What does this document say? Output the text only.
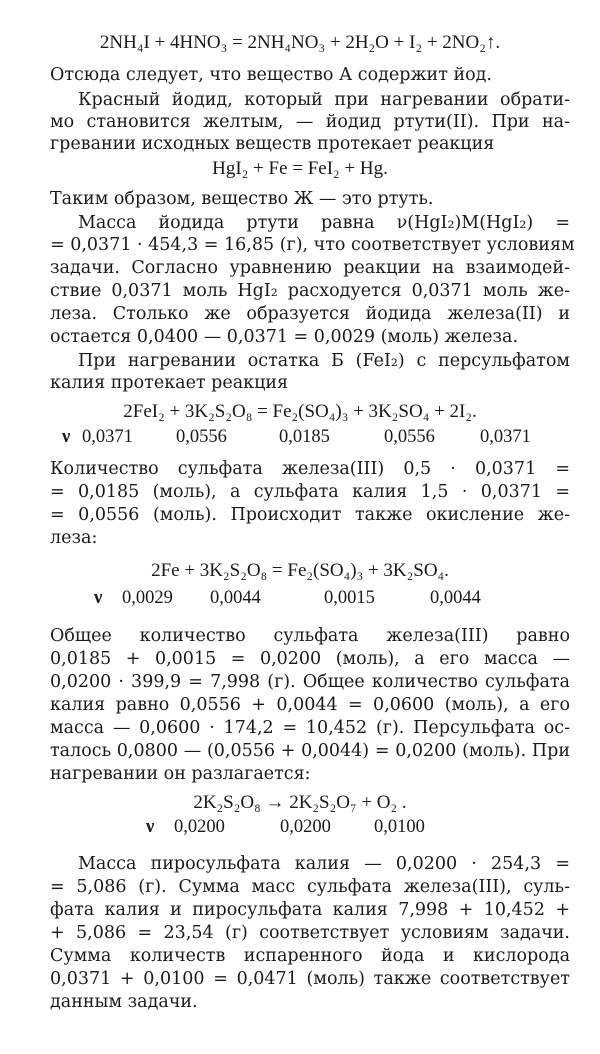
2NH₄I + 4HNO₃ = 2NH₄NO₃ + 2H₂O + I₂ + 2NO₂↑.
Отсюда следует, что вещество А содержит йод.
Красный йодид, который при нагревании обрати-
мо становится желтым, — йодид ртути(II). При на-
гревании исходных веществ протекает реакция
HgI₂ + Fe = FeI₂ + Hg.
Таким образом, вещество Ж — это ртуть.
Масса йодида ртути равна ν(HgI₂)M(HgI₂) =
= 0,0371 · 454,3 = 16,85 (г), что соответствует условиям
задачи. Согласно уравнению реакции на взаимодей-
ствие 0,0371 моль HgI₂ расходуется 0,0371 моль же-
леза. Столько же образуется йодида железа(II) и
остается 0,0400 — 0,0371 = 0,0029 (моль) железа.
При нагревании остатка Б (FeI₂) с персульфатом
калия протекает реакция
2FeI₂ + 3K₂S₂O₈ = Fe₂(SO₄)₃ + 3K₂SO₄ + 2I₂.
ν 0,0371 0,0556	0,0185	0,0556 0,0371
Количество сульфата железа(III) 0,5 · 0,0371 =
= 0,0185 (моль), а сульфата калия 1,5 · 0,0371 =
= 0,0556 (моль). Происходит также окисление же-
леза:
2Fe + 3K₂S₂O₈ = Fe₂(SO₄)₃ + 3K₂SO₄.
ν 0,0029 0,0044	0,0015	0,0044
Общее количество сульфата железа(III) равно
0,0185 + 0,0015 = 0,0200 (моль), а его масса —
0,0200 · 399,9 = 7,998 (г). Общее количество сульфата
калия равно 0,0556 + 0,0044 = 0,0600 (моль), а его
масса — 0,0600 · 174,2 = 10,452 (г). Персульфата ос-
талось 0,0800 — (0,0556 + 0,0044) = 0,0200 (моль). При
нагревании он разлагается:
2K₂S₂O₈ → 2K₂S₂O₇ + O₂ .
ν 0,0200	0,0200 0,0100
Масса пиросульфата калия — 0,0200 · 254,3 =
= 5,086 (г). Сумма масс сульфата железа(III), суль-
фата калия и пиросульфата калия 7,998 + 10,452 +
+ 5,086 = 23,54 (г) соответствует условиям задачи.
Сумма количеств испаренного йода и кислорода
0,0371 + 0,0100 = 0,0471 (моль) также соответствует
данным задачи.
